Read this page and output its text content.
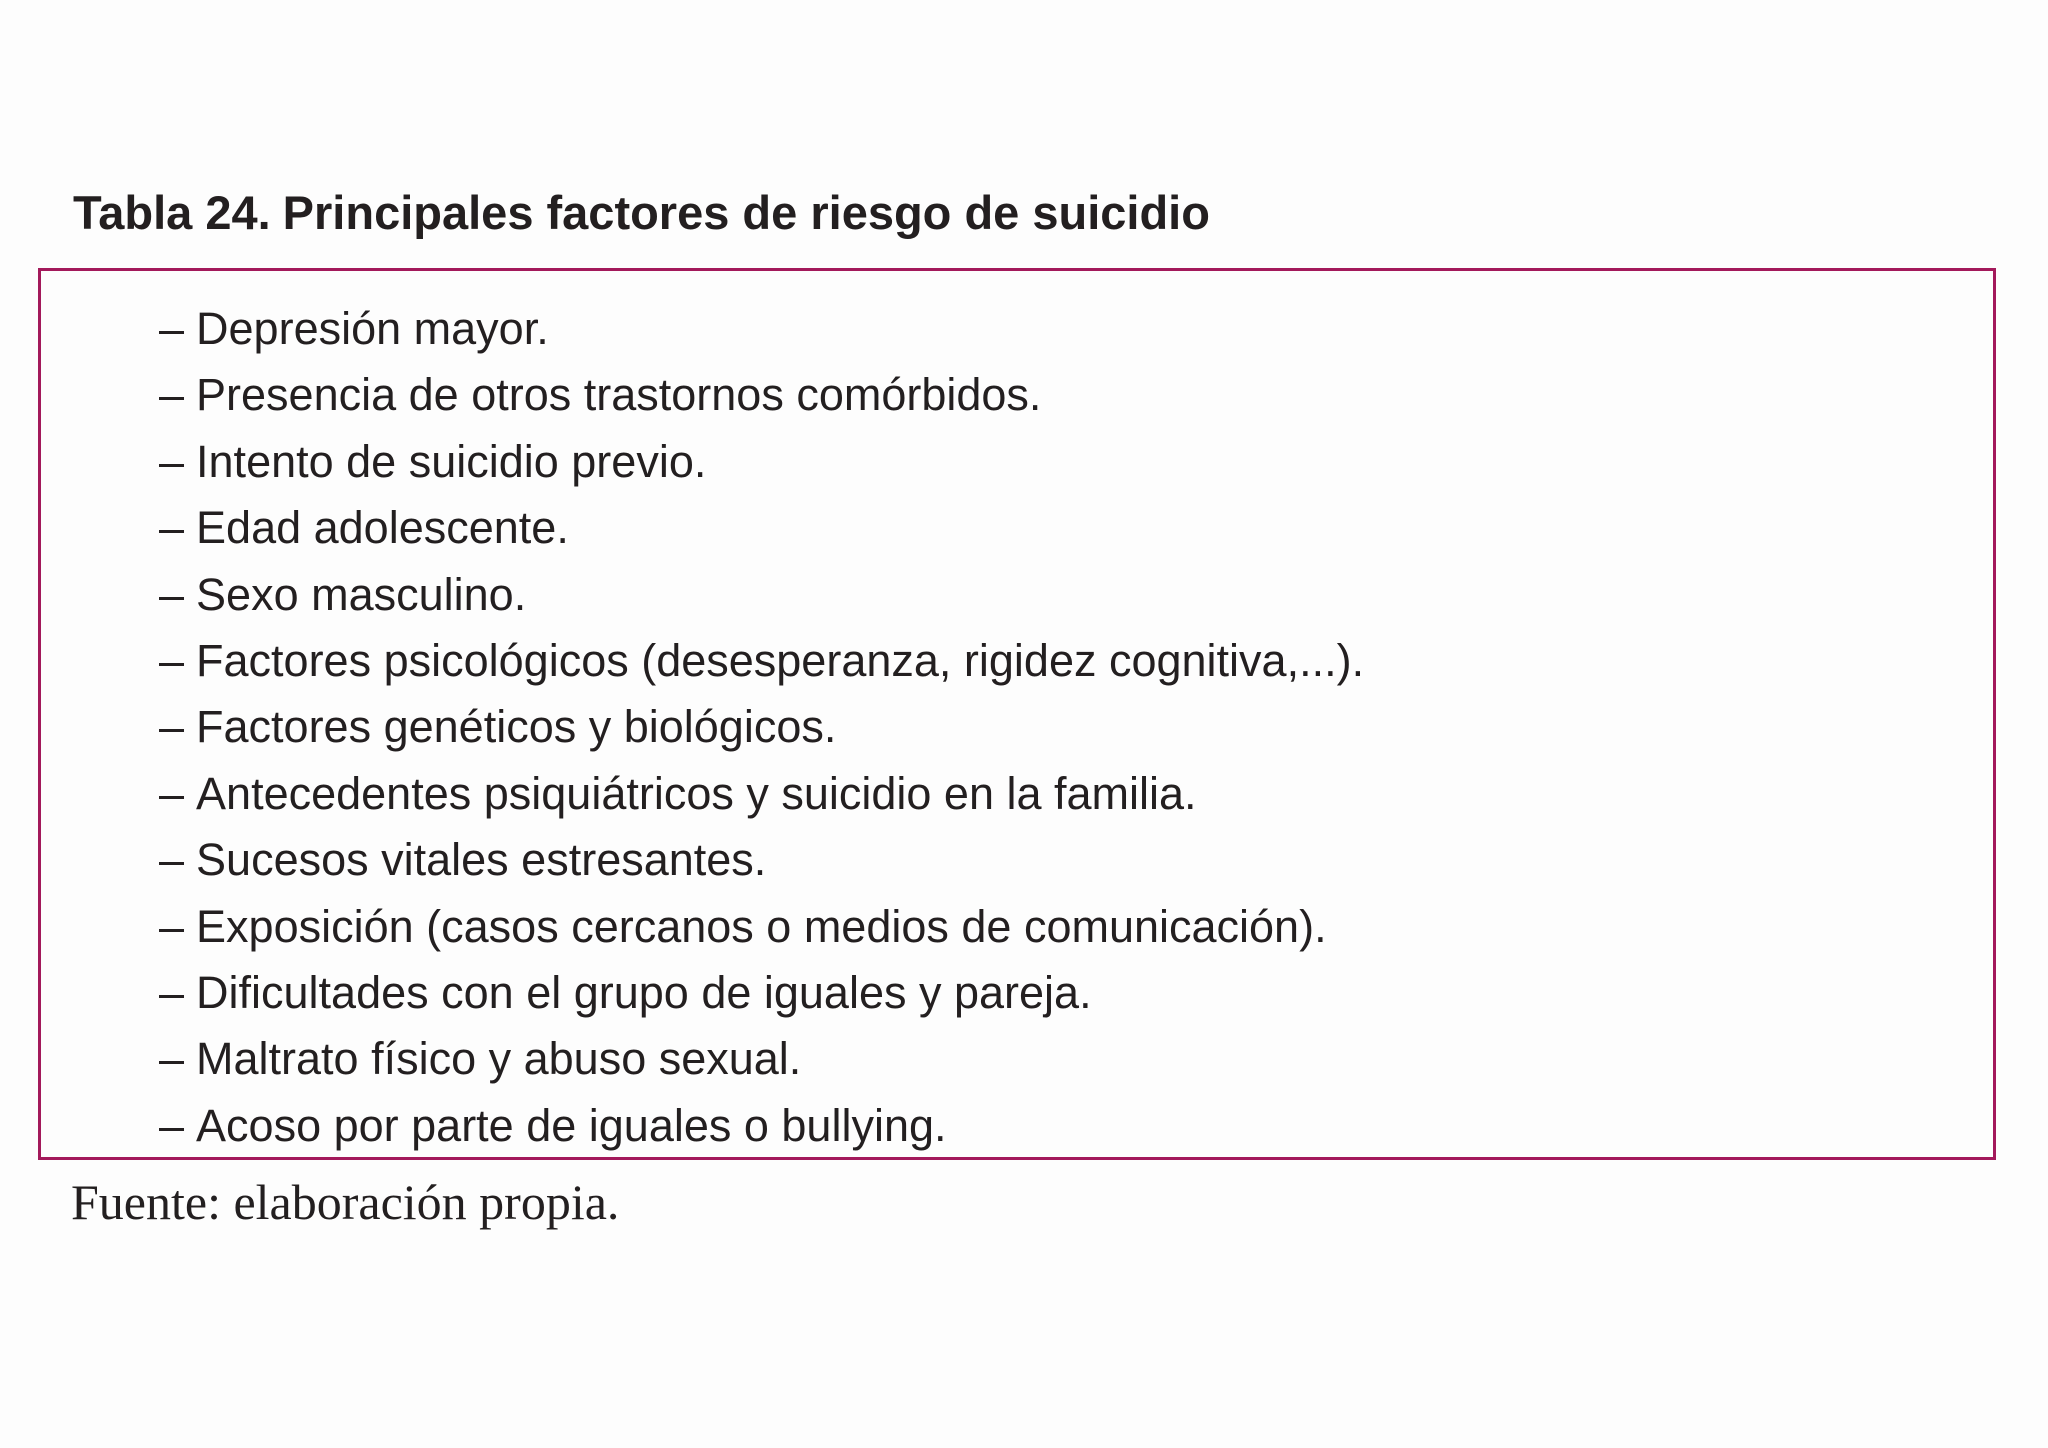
Tabla 24. Principales factores de riesgo de suicidio
– Depresión mayor.
– Presencia de otros trastornos comórbidos.
– Intento de suicidio previo.
– Edad adolescente.
– Sexo masculino.
– Factores psicológicos (desesperanza, rigidez cognitiva,...).
– Factores genéticos y biológicos.
– Antecedentes psiquiátricos y suicidio en la familia.
– Sucesos vitales estresantes.
– Exposición (casos cercanos o medios de comunicación).
– Dificultades con el grupo de iguales y pareja.
– Maltrato físico y abuso sexual.
– Acoso por parte de iguales o bullying.

Fuente: elaboración propia.
